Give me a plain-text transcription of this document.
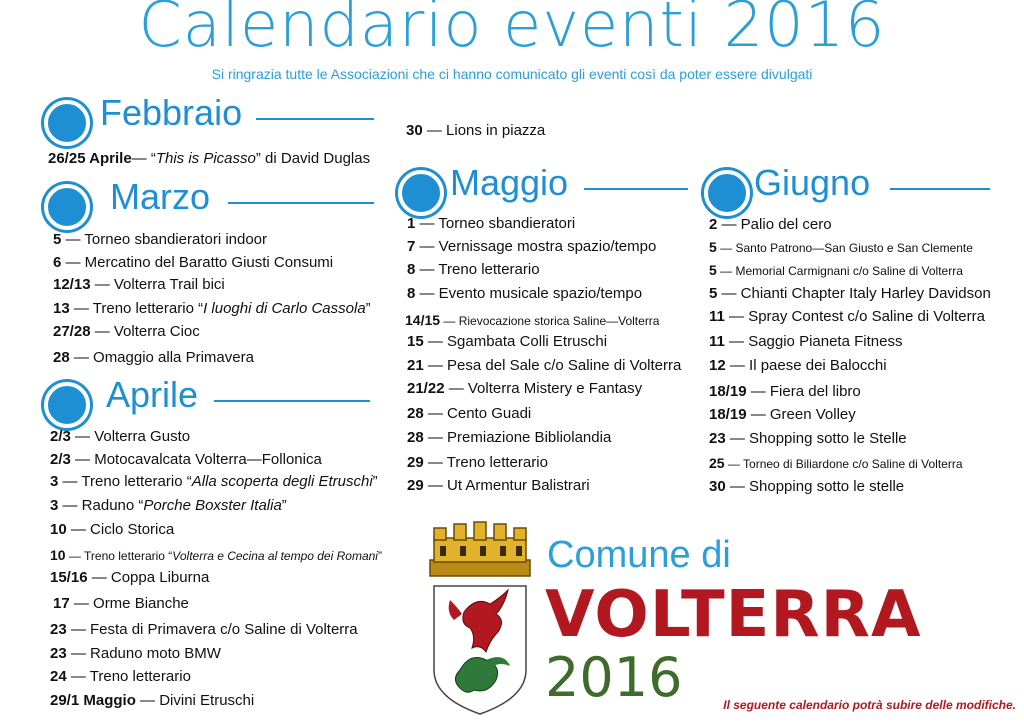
Calendario eventi 2016
Si ringrazia tutte le Associazioni che ci hanno comunicato gli eventi così da poter essere divulgati
Febbraio
26/25 Aprile— “This is Picasso” di David Duglas
Marzo
5 — Torneo sbandieratori indoor
6 — Mercatino del Baratto Giusti Consumi
12/13 — Volterra Trail bici
13 — Treno letterario “I luoghi di Carlo Cassola”
27/28 — Volterra Cioc
28 — Omaggio alla Primavera
Aprile
2/3 — Volterra Gusto
2/3 — Motocavalcata Volterra—Follonica
3 — Treno letterario “Alla scoperta degli Etruschi”
3 — Raduno “Porche Boxster Italia”
10 — Ciclo Storica
10 — Treno letterario “Volterra e Cecina al tempo dei Romani”
15/16 — Coppa Liburna
17 — Orme Bianche
23 — Festa di Primavera c/o Saline di Volterra
23 — Raduno moto BMW
24 — Treno letterario
29/1 Maggio — Divini Etruschi
30 — Lions in piazza
Maggio
1 — Torneo sbandieratori
7 — Vernissage mostra spazio/tempo
8 — Treno letterario
8 — Evento musicale spazio/tempo
14/15 — Rievocazione storica Saline—Volterra
15 — Sgambata Colli Etruschi
21 — Pesa del Sale c/o Saline di Volterra
21/22 — Volterra Mistery e Fantasy
28 — Cento Guadi
28 — Premiazione Bibliolandia
29 — Treno letterario
29 — Ut Armentur Balistrari
Giugno
2 — Palio del cero
5 — Santo Patrono—San Giusto e San Clemente
5 — Memorial Carmignani c/o Saline di Volterra
5 — Chianti Chapter Italy Harley Davidson
11 — Spray Contest c/o Saline di Volterra
11 — Saggio Pianeta Fitness
12 — Il paese dei Balocchi
18/19 — Fiera del libro
18/19 — Green Volley
23 — Shopping sotto le Stelle
25 — Torneo di Biliardone c/o Saline di Volterra
30 — Shopping sotto le stelle
Comune di
VOLTERRA
2016	Il seguente calendario potrà subire delle modifiche.
